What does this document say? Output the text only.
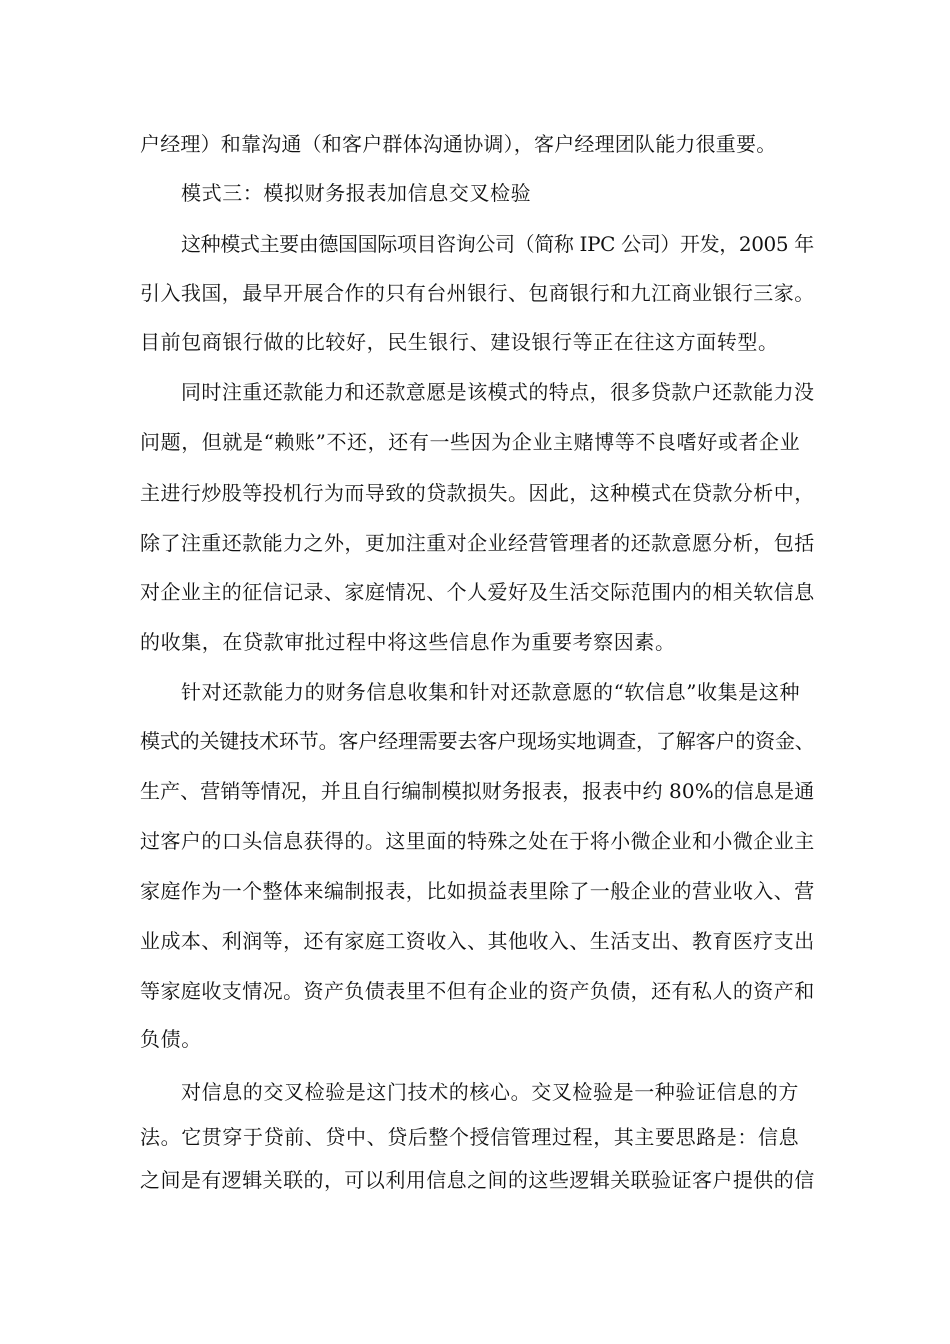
户经理）和靠沟通（和客户群体沟通协调），客户经理团队能力很重要。
模式三：模拟财务报表加信息交叉检验
这种模式主要由德国国际项目咨询公司（简称 IPC 公司）开发，2005 年
引入我国，最早开展合作的只有台州银行、包商银行和九江商业银行三家。
目前包商银行做的比较好，民生银行、建设银行等正在往这方面转型。
同时注重还款能力和还款意愿是该模式的特点，很多贷款户还款能力没
问题，但就是“赖账”不还，还有一些因为企业主赌博等不良嗜好或者企业
主进行炒股等投机行为而导致的贷款损失。因此，这种模式在贷款分析中，
除了注重还款能力之外，更加注重对企业经营管理者的还款意愿分析，包括
对企业主的征信记录、家庭情况、个人爱好及生活交际范围内的相关软信息
的收集，在贷款审批过程中将这些信息作为重要考察因素。
针对还款能力的财务信息收集和针对还款意愿的“软信息”收集是这种
模式的关键技术环节。客户经理需要去客户现场实地调查，了解客户的资金、
生产、营销等情况，并且自行编制模拟财务报表，报表中约 80%的信息是通
过客户的口头信息获得的。这里面的特殊之处在于将小微企业和小微企业主
家庭作为一个整体来编制报表，比如损益表里除了一般企业的营业收入、营
业成本、利润等，还有家庭工资收入、其他收入、生活支出、教育医疗支出
等家庭收支情况。资产负债表里不但有企业的资产负债，还有私人的资产和
负债。
对信息的交叉检验是这门技术的核心。交叉检验是一种验证信息的方
法。它贯穿于贷前、贷中、贷后整个授信管理过程，其主要思路是：信息
之间是有逻辑关联的，可以利用信息之间的这些逻辑关联验证客户提供的信
